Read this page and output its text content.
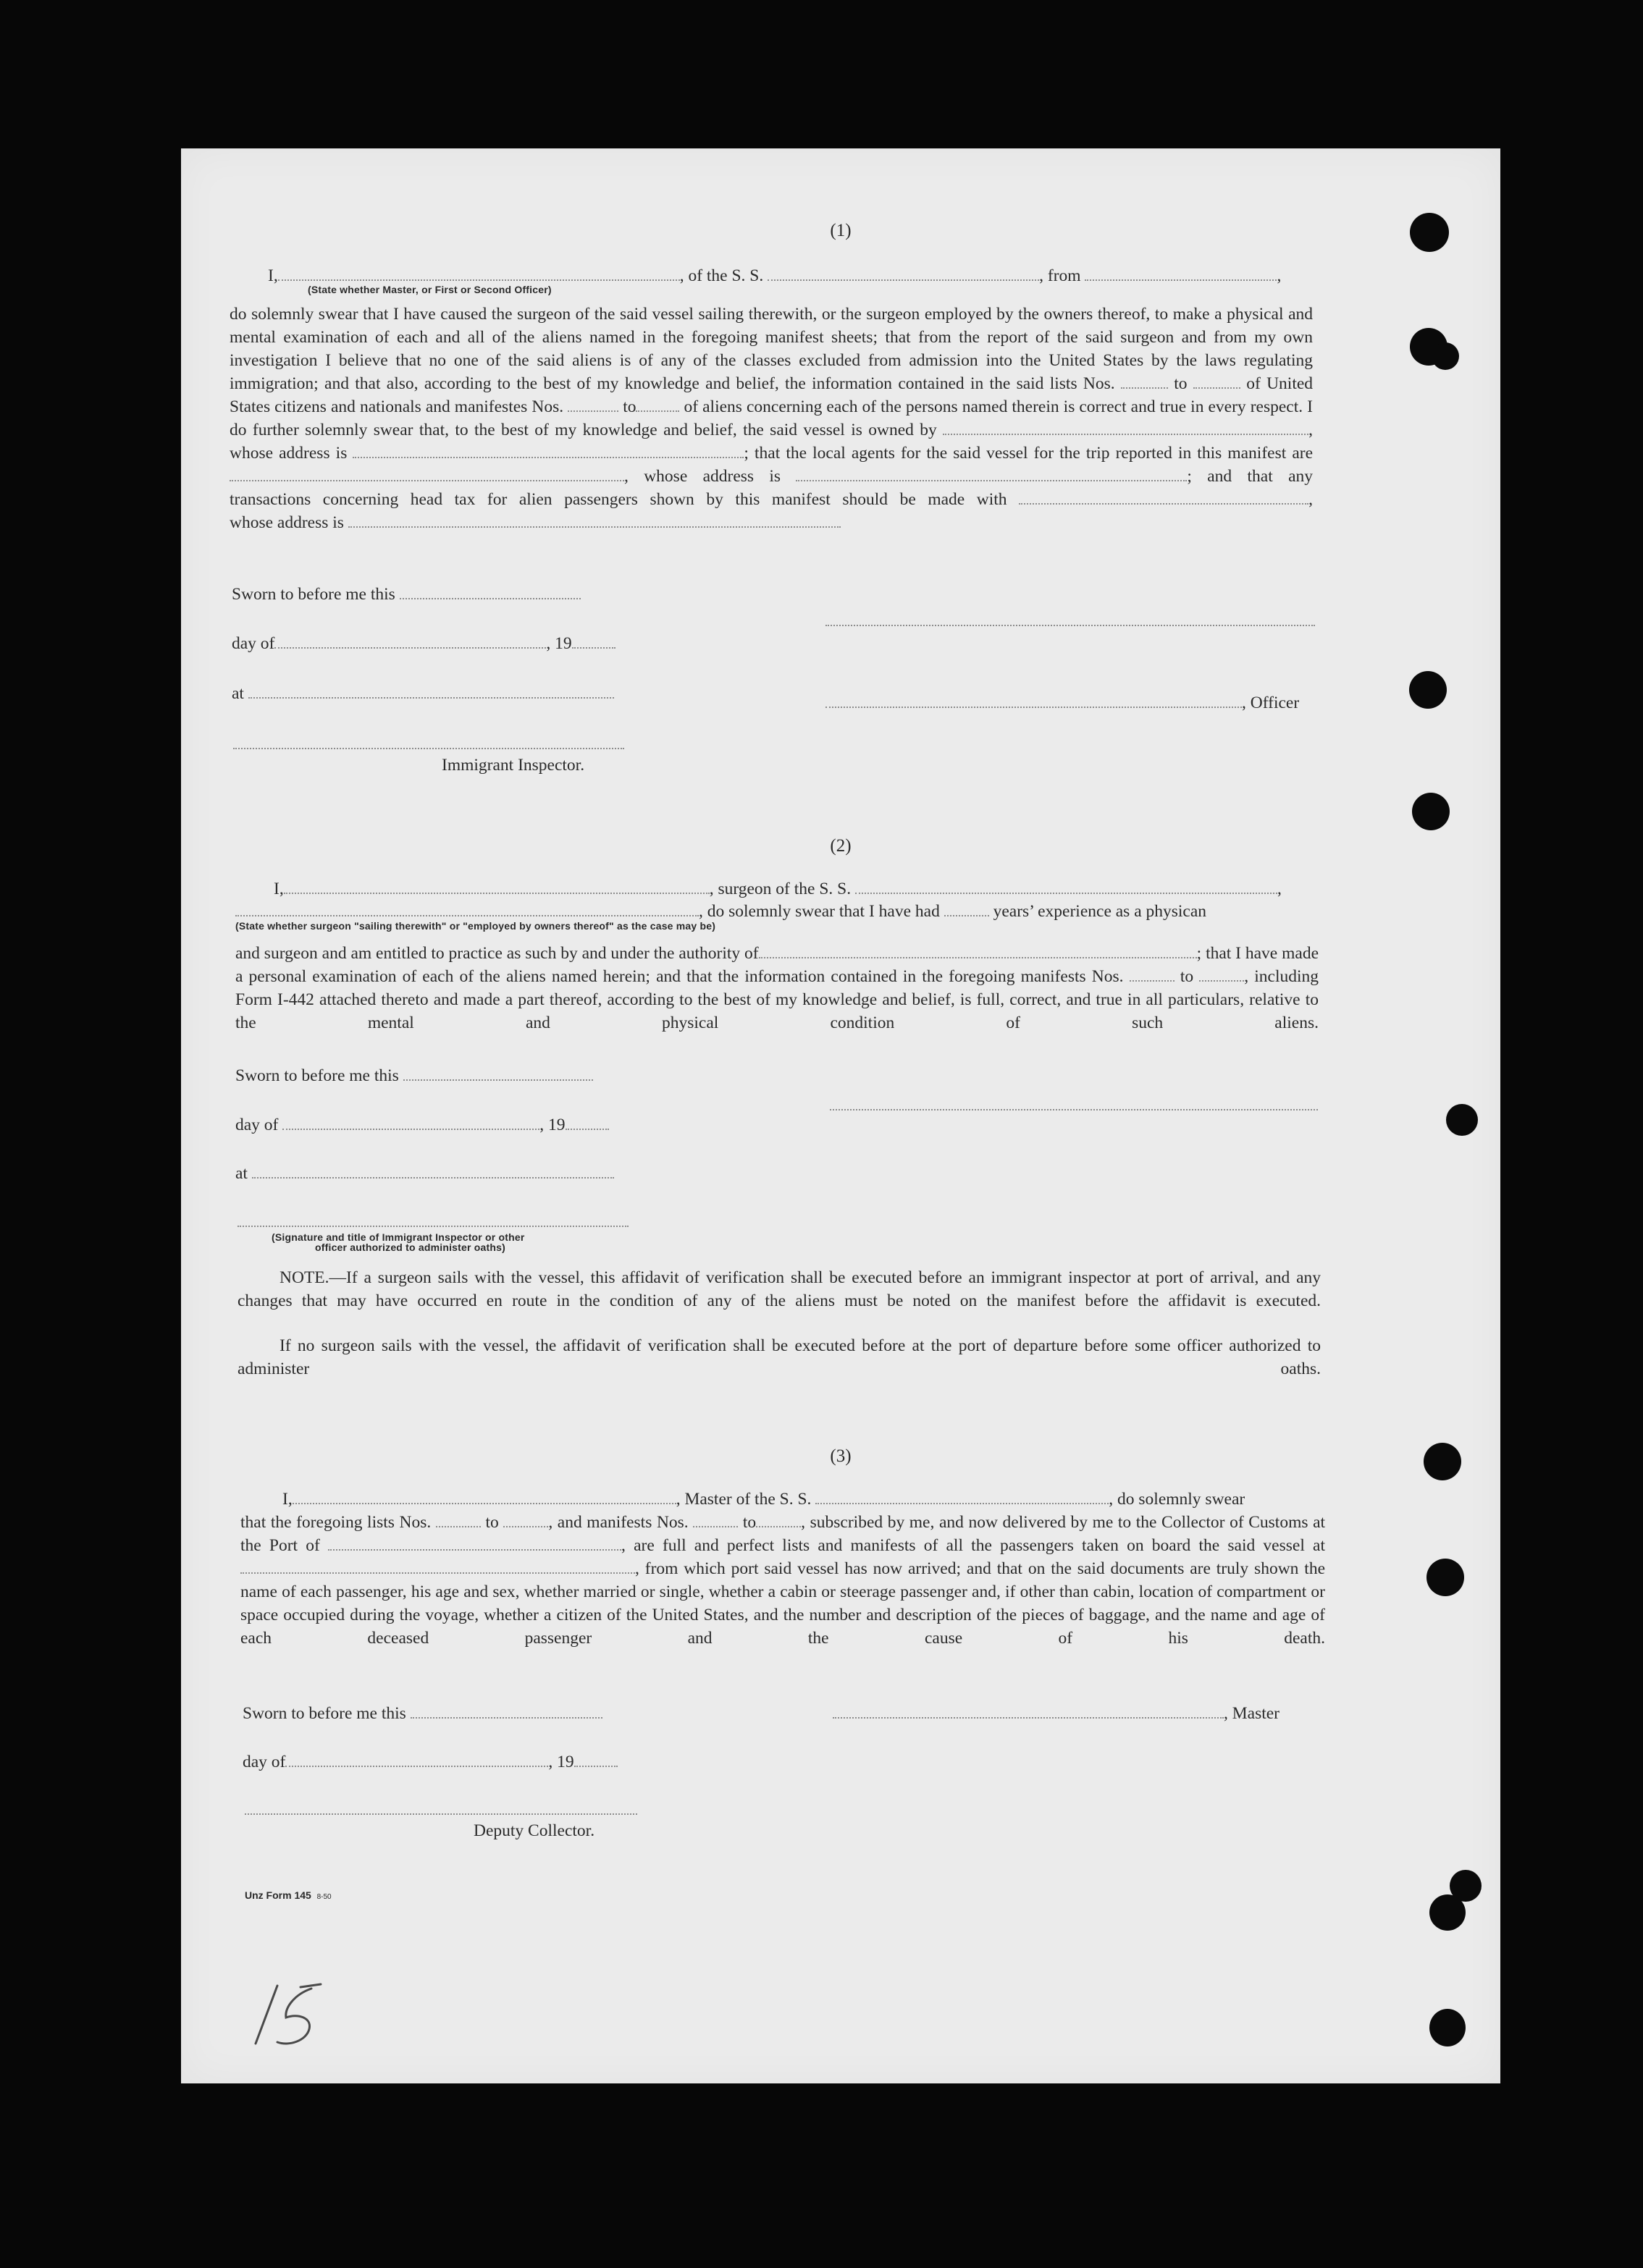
(1)
I,	, of the S. S.	, from	,
(State whether Master, or First or Second Officer)
do solemnly swear that I have caused the surgeon of the said vessel sailing therewith, or the surgeon employed by the owners thereof, to make a physical and mental examination of each and all of the aliens named in the foregoing manifest sheets; that from the report of the said surgeon and from my own investigation I believe that no one of the said aliens is of any of the classes excluded from admission into the United States by the laws regulating immigration; and that also, according to the best of my knowledge and belief, the information contained in the said lists Nos.	to	of United States citizens and nationals and manifestes Nos.	to	of aliens concerning each of the persons named therein is correct and true in every respect. I do further solemnly swear that, to the best of my knowledge and belief, the said vessel is owned by	, whose address is	; that the local agents for the said vessel for the trip reported in this manifest are , whose address is	; and that any transactions concerning head tax for alien passengers shown by this manifest should be made with	,
whose address is
Sworn to before me this
day of	, 19
at	, Officer
Immigrant Inspector.
(2)
I,	, surgeon of the S. S.	,
, do solemnly swear that I have had	years’ experience as a physican
(State whether surgeon "sailing therewith" or "employed by owners thereof" as the case may be)
and surgeon and am entitled to practice as such by and under the authority of	; that I have made a personal examination of each of the aliens named herein; and that the information contained in the foregoing manifests Nos.	to	, including Form I-442 attached thereto and made a part thereof, according to the best of my knowledge and belief, is full, correct, and true in all particulars, relative to the mental and physical condition of such aliens.
Sworn to before me this
day of	, 19
at
(Signature and title of Immigrant Inspector or other
officer authorized to administer oaths)
NOTE.—If a surgeon sails with the vessel, this affidavit of verification shall be executed before an immigrant inspector at port of arrival, and any changes that may have occurred en route in the condition of any of the aliens must be noted on the manifest before the affidavit is executed.
If no surgeon sails with the vessel, the affidavit of verification shall be executed before at the port of departure before some officer authorized to administer oaths.
(3)
I,	, Master of the S. S.	, do solemnly swear
that the foregoing lists Nos.	to	, and manifests Nos.	to	, subscribed by me, and now delivered by me to the Collector of Customs at the Port of	, are full and perfect lists and manifests of all the passengers taken on board the said vessel at , from which port said vessel has now arrived; and that on the said documents are truly shown the name of each passenger, his age and sex, whether married or single, whether a cabin or steerage passenger and, if other than cabin, location of compartment or space occupied during the voyage, whether a citizen of the United States, and the number and description of the pieces of baggage, and the name and age of each deceased passenger and the cause of his death.
Sworn to before me this	, Master
day of	, 19
Deputy Collector.
Unz Form 145 8-50
